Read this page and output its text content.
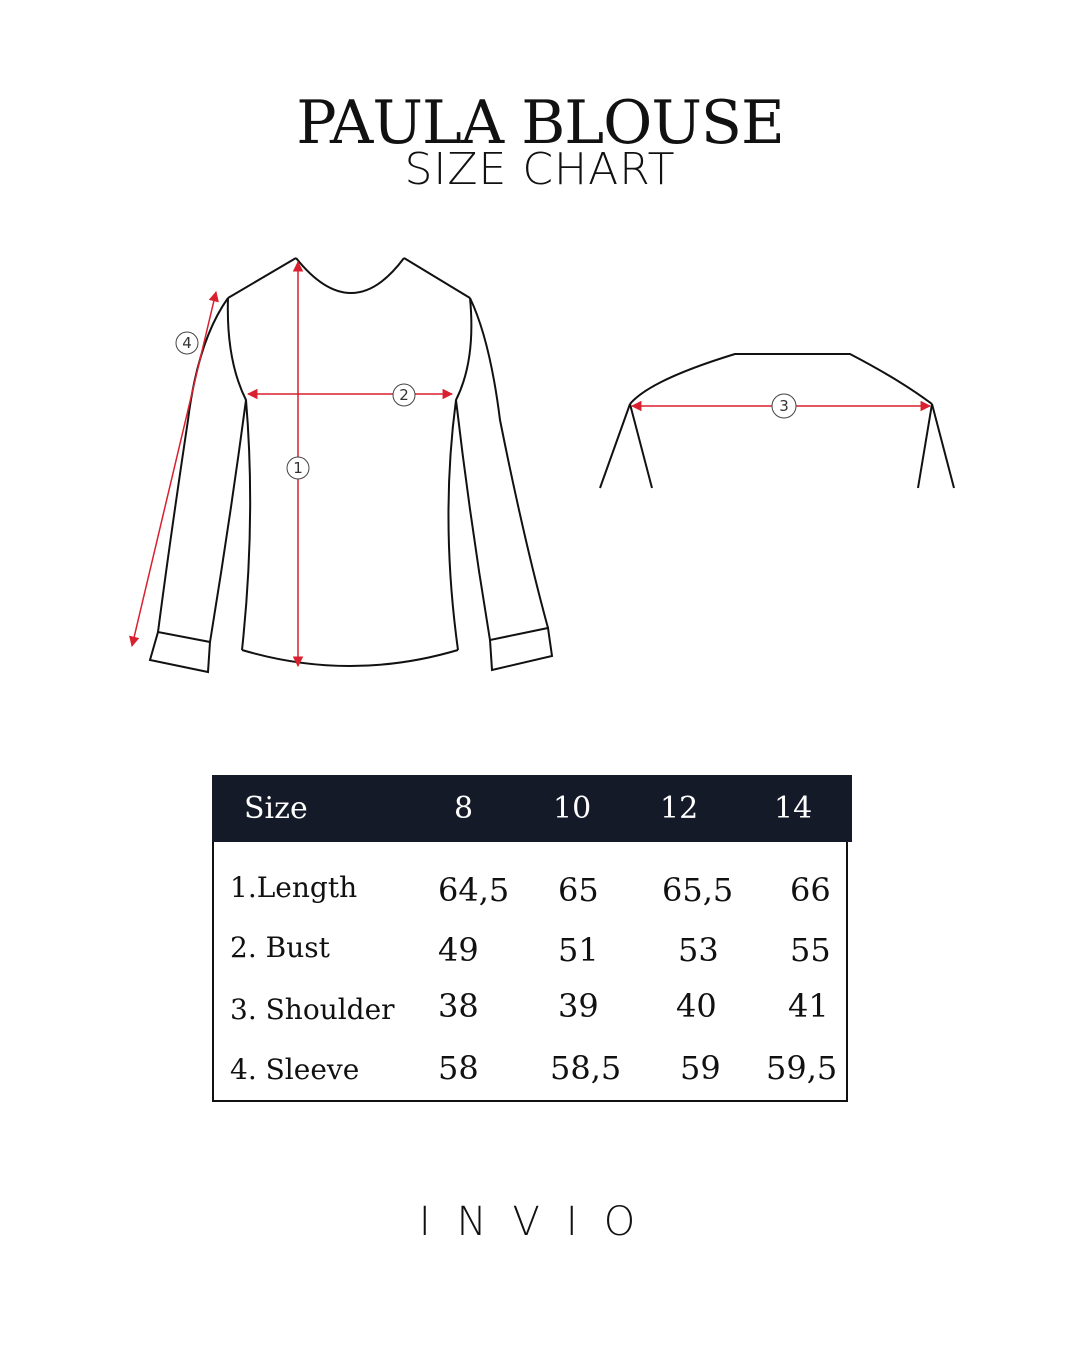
PAULA BLOUSE
SIZE CHART
1
2
3
4
Size	8	10 12	14
1.Length	64,5 65 65,5 66
2. Bust	49 51 53 55
3. Shoulder 38 39 40 41
4. Sleeve 58 58,5 59 59,5
INVIO
